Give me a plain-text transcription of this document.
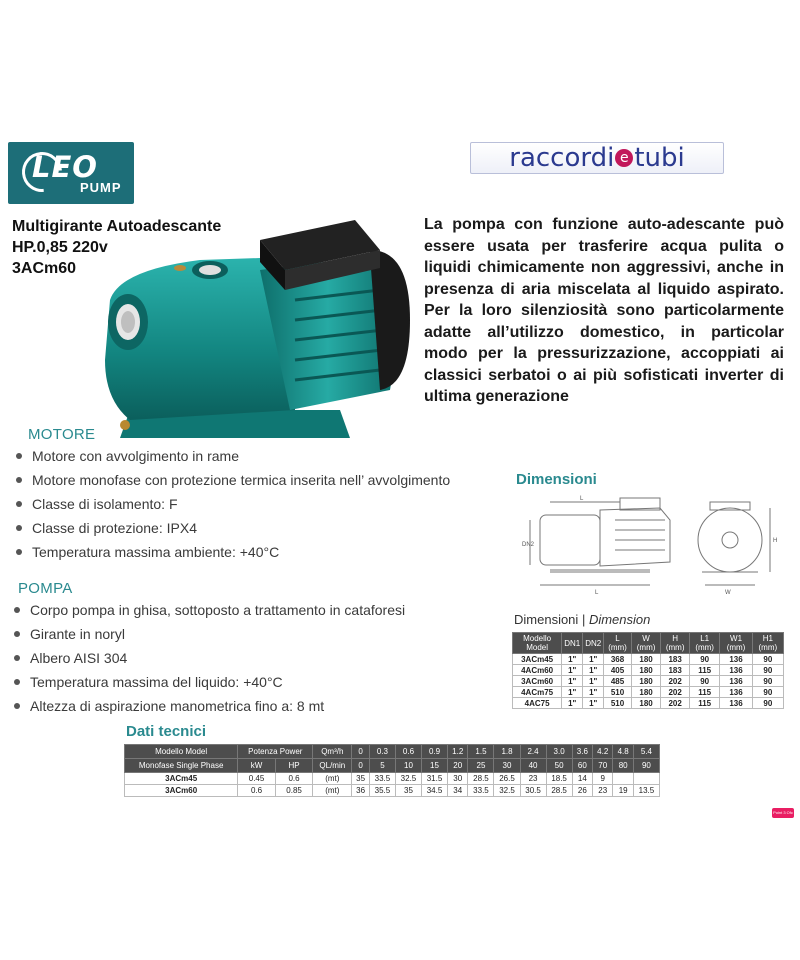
LEO
PUMP
raccordi e tubi
Multigirante Autoadescante
HP.0,85 220v
3ACm60

La pompa con funzione auto-adescante può essere usata per trasferire acqua pulita o liquidi chimicamente non aggressivi, anche in presenza di aria miscelata al liquido aspirato. Per la loro silenziosità sono particolarmente adatte all’utilizzo domestico, in particolar modo per la pressurizzazione, accoppiati ai classici serbatoi o ai più sofisticati inverter di ultima generazione

MOTORE
Motore con avvolgimento in rame
Motore monofase con protezione termica inserita nell’ avvolgimento
Classe di isolamento: F
Classe di protezione: IPX4
Temperatura massima ambiente: +40°C
POMPA
Corpo pompa in ghisa, sottoposto a trattamento in cataforesi
Girante in noryl
Albero AISI 304
Temperatura massima del liquido: +40°C
Altezza di aspirazione manometrica fino a: 8 mt
Dimensioni
DN2
L
L	W
H
Dimensioni | Dimension
Modello Model	DN1	DN2	L (mm)	W (mm)	H (mm)	L1 (mm)	W1 (mm)	H1 (mm)
3ACm45	1"	1"	368	180	183	90	136	90
4ACm60	1"	1"	405	180	183	115	136	90
3ACm60	1"	1"	485	180	202	90	136	90
4ACm75	1"	1"	510	180	202	115	136	90
4AC75	1"	1"	510	180	202	115	136	90
Dati tecnici
Modello Model	Potenza Power		Qm³/h	0	0.3	0.6	0.9	1.2	1.5	1.8	2.4	3.0	3.6	4.2	4.8	5.4
Monofase Single Phase	kW	HP	QL/min	0	5	10	15	20	25	30	40	50	60	70	80	90
3ACm45	0.45	0.6	(mt)	35	33.5	32.5	31.5	30	28.5	26.5	23	18.5	14	9		
3ACm60	0.6	0.85	(mt)	36	35.5	35	34.5	34	33.5	32.5	30.5	28.5	26	23	19	13.5
Point 3 Ofc
